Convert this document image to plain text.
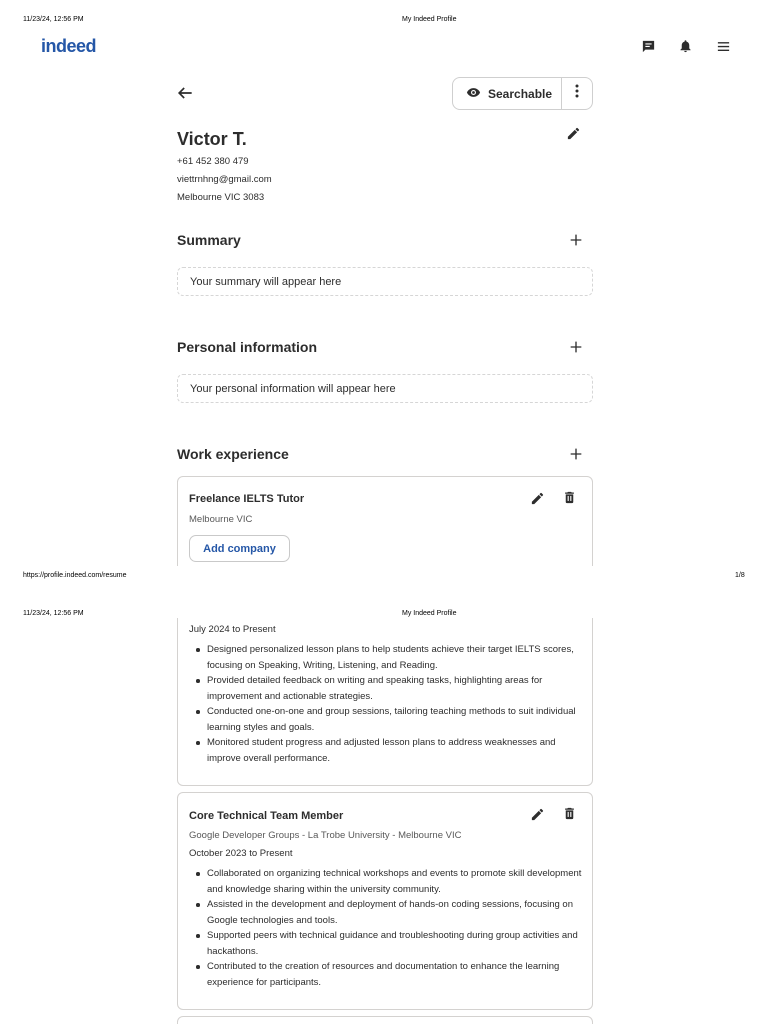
11/23/24, 12:56 PM	My Indeed Profile
indeed
Searchable
Victor T.
+61 452 380 479
viettrnhng@gmail.com
Melbourne VIC 3083
Summary
Your summary will appear here
Personal information
Your personal information will appear here
Work experience
Freelance IELTS Tutor
Melbourne VIC
Add company
https://profile.indeed.com/resume	1/8
11/23/24, 12:56 PM	My Indeed Profile
July 2024 to Present
Designed personalized lesson plans to help students achieve their target IELTS scores, focusing on Speaking, Writing, Listening, and Reading.
Provided detailed feedback on writing and speaking tasks, highlighting areas for improvement and actionable strategies.
Conducted one-on-one and group sessions, tailoring teaching methods to suit individual learning styles and goals.
Monitored student progress and adjusted lesson plans to address weaknesses and improve overall performance.
Core Technical Team Member
Google Developer Groups - La Trobe University - Melbourne VIC
October 2023 to Present
Collaborated on organizing technical workshops and events to promote skill development and knowledge sharing within the university community.
Assisted in the development and deployment of hands-on coding sessions, focusing on Google technologies and tools.
Supported peers with technical guidance and troubleshooting during group activities and hackathons.
Contributed to the creation of resources and documentation to enhance the learning experience for participants.
